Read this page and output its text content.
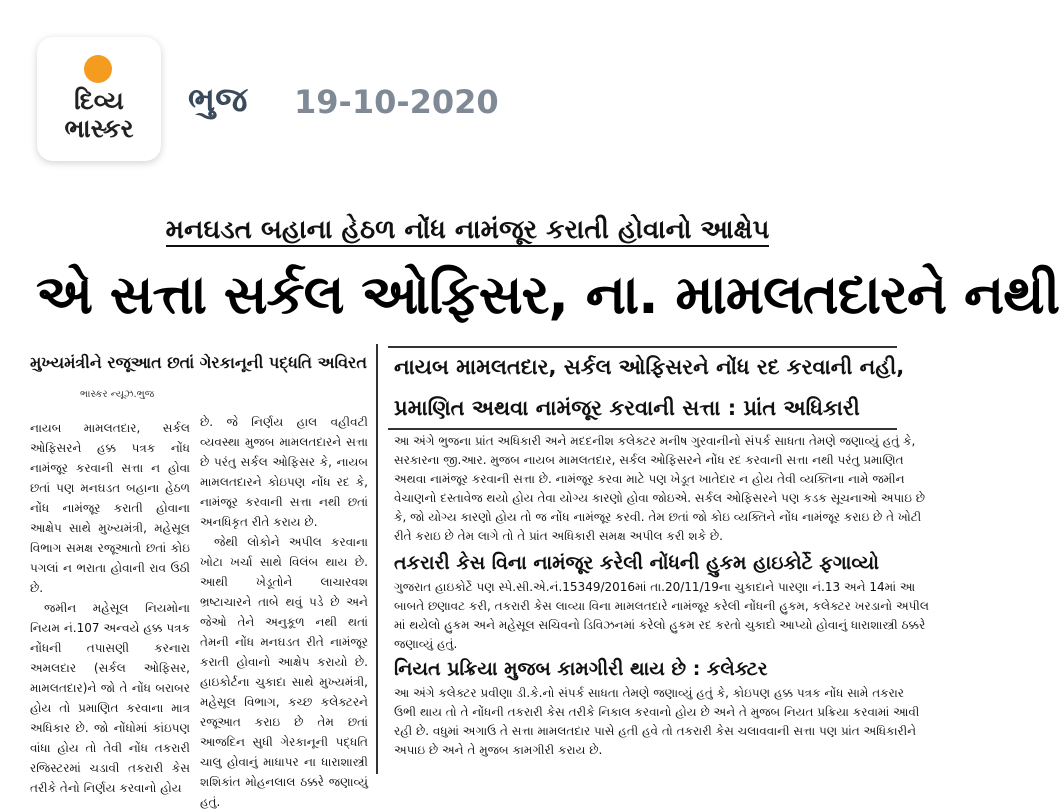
દિવ્ય
ભાસ્કર
ભુજ 19-10-2020
મનઘડત બહાના હેઠળ નોંધ નામંજૂર કરાતી હોવાનો આક્ષેપ
એ સત્તા સર્કલ ઓફિસર, ના. મામલતદારને નથી
મુખ્યમંત્રીને રજૂઆત છતાં ગેરકાનૂની પદ્ધતિ અવિરત
ભાસ્કર ન્યૂઝ.ભુજ

નાયબ મામલતદાર, સર્કલ ઓફિસરને હક્ક પત્રક નોંધ નામંજૂર કરવાની સત્તા ન હોવા છતાં પણ મનઘડત બહાના હેઠળ નોંધ નામંજૂર કરાતી હોવાના આક્ષેપ સાથે મુખ્યમંત્રી, મહેસૂલ વિભાગ સમક્ષ રજૂઆતો છતાં કોઇ પગલાં ન ભરાતા હોવાની રાવ ઉઠી છે.

જમીન મહેસૂલ નિયમોના નિયમ નં.107 અન્વયે હક્ક પત્રક નોંધની તપાસણી કરનારા અમલદાર (સર્કલ ઓફિસર, મામલતદાર)ને જો તે નોંધ બરાબર હોય તો પ્રમાણિત કરવાના માત્ર અધિકાર છે. જો નોંધોમાં કાંઇપણ વાંધા હોય તો તેવી નોંધ તકરારી રજિસ્ટરમાં ચડાવી તકરારી કેસ તરીકે તેનો નિર્ણય કરવાનો હોય

છે. જે નિર્ણય હાલ વહીવટી વ્યવસ્થા મુજબ મામલતદારને સત્તા છે પરંતુ સર્કલ ઓફિસર કે, નાયબ મામલતદારને કોઇપણ નોંધ રદ કે, નામંજૂર કરવાની સત્તા નથી છતાં અનધિકૃત રીતે કરાય છે.

જેથી લોકોને અપીલ કરવાના ખોટા ખર્ચા સાથે વિલંબ થાય છે. આથી ખેડૂતોને લાચારવશ ભ્રષ્ટાચારને તાબે થવું પડે છે અને જેઓ તેને અનુકૂળ નથી થતાં તેમની નોંધ મનઘડત રીતે નામંજૂર કરાતી હોવાનો આક્ષેપ કરાયો છે. હાઇકોર્ટના ચુકાદા સાથે મુખ્યમંત્રી, મહેસૂલ વિભાગ, કચ્છ કલેક્ટરને રજૂઆત કરાઇ છે તેમ છતાં આજદિન સુધી ગેરકાનૂની પદ્ધતિ ચાલુ હોવાનું માધાપર ના ધારાશાસ્ત્રી શશિકાંત મોહનલાલ ઠક્કરે જણાવ્યું હતું.

નાયબ મામલતદાર, સર્કલ ઓફિસરને નોંધ રદ કરવાની નહી,
પ્રમાણિત અથવા નામંજૂર કરવાની સત્તા : પ્રાંત અધિકારી
આ અંગે ભુજના પ્રાંત અધિકારી અને મદદનીશ કલેક્ટર મનીષ ગુરવાનીનો સંપર્ક સાધતા તેમણે જણાવ્યું હતું કે,
સરકારના જી.આર. મુજબ નાયબ મામલતદાર, સર્કલ ઓફિસરને નોંધ રદ કરવાની સત્તા નથી પરંતુ પ્રમાણિત
અથવા નામંજૂર કરવાની સત્તા છે. નામંજૂર કરવા માટે પણ ખેડૂત ખાતેદાર ન હોય તેવી વ્યક્તિના નામે જમીન
વેચાણનો દસ્તાવેજ થયો હોય તેવા યોગ્ય કારણો હોવા જોઇએ. સર્કલ ઓફિસરને પણ કડક સૂચનાઓ અપાઇ છે
કે, જો યોગ્ય કારણો હોય તો જ નોંધ નામંજૂર કરવી. તેમ છતાં જો કોઇ વ્યક્તિને નોંધ નામંજૂર કરાઇ છે તે ખોટી
રીતે કરાઇ છે તેમ લાગે તો તે પ્રાંત અધિકારી સમક્ષ અપીલ કરી શકે છે.
તકરારી કેસ વિના નામંજૂર કરેલી નોંધની હુકમ હાઇકોર્ટે ફગાવ્યો
ગુજરાત હાઇકોર્ટે પણ સ્પે.સી.એ.નં.15349/2016માં તા.20/11/19ના ચુકાદાને પારણા નં.13 અને 14માં આ
બાબતે છણાવટ કરી, તકરારી કેસ લાવ્યા વિના મામલતદારે નામંજૂર કરેલી નોંધની હુકમ, કલેક્ટર ખરડાનો અપીલ
માં થયેલો હુકમ અને મહેસૂલ સચિવનો ડિવિઝનમાં કરેલો હુકમ રદ કરતો ચુકાદો આપ્યો હોવાનું ધારાશાસ્ત્રી ઠક્કરે
જણાવ્યું હતું.
નિયત પ્રક્રિયા મુજબ કામગીરી થાય છે : કલેક્ટર
આ અંગે કલેક્ટર પ્રવીણા ડી.કે.નો સંપર્ક સાધતા તેમણે જણાવ્યું હતું કે, કોઇપણ હક્ક પત્રક નોંધ સામે તકરાર
ઉભી થાય તો તે નોંધની તકરારી કેસ તરીકે નિકાલ કરવાનો હોય છે અને તે મુજબ નિયત પ્રક્રિયા કરવામાં આવી
રહી છે. વધુમાં અગાઉ તે સત્તા મામલતદાર પાસે હતી હવે તો તકરારી કેસ ચલાવવાની સત્તા પણ પ્રાંત અધિકારીને
અપાઇ છે અને તે મુજબ કામગીરી કરાય છે.
